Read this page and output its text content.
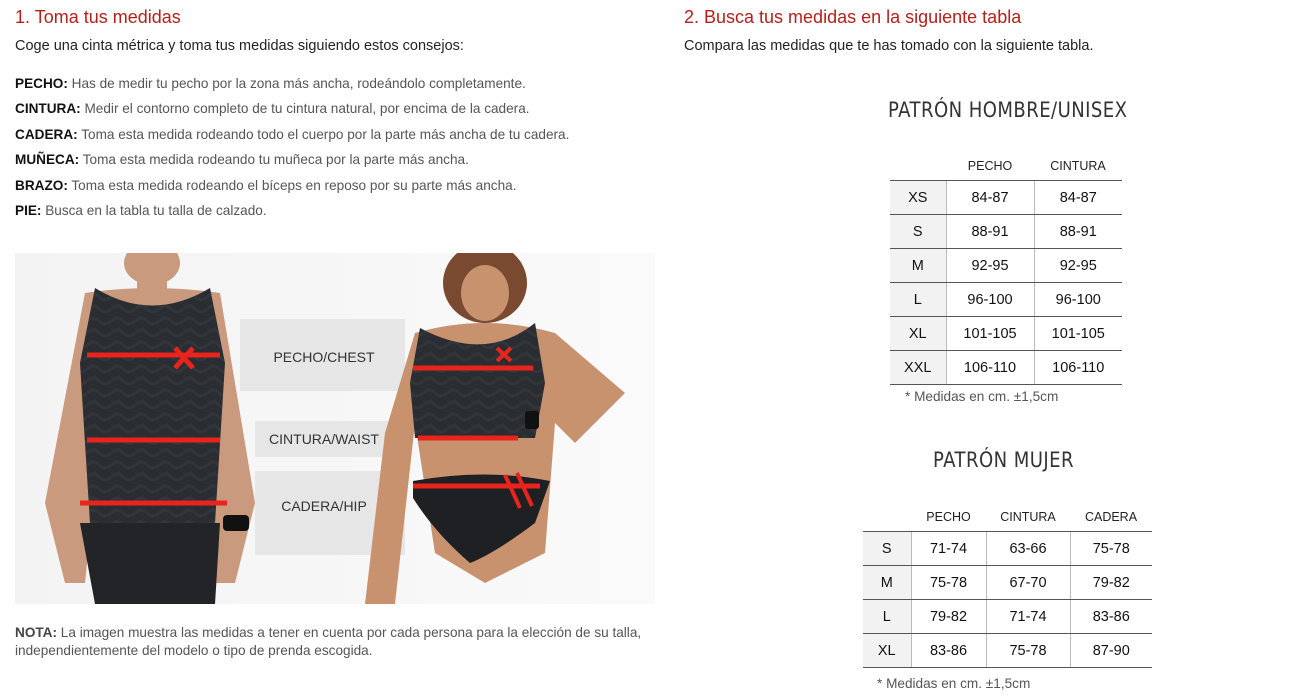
1. Toma tus medidas
Coge una cinta métrica y toma tus medidas siguiendo estos consejos:
PECHO: Has de medir tu pecho por la zona más ancha, rodeándolo completamente.
CINTURA: Medir el contorno completo de tu cintura natural, por encima de la cadera.
CADERA: Toma esta medida rodeando todo el cuerpo por la parte más ancha de tu cadera.
MUÑECA: Toma esta medida rodeando tu muñeca por la parte más ancha.
BRAZO: Toma esta medida rodeando el bíceps en reposo por su parte más ancha.
PIE: Busca en la tabla tu talla de calzado.
PECHO/CHEST
CINTURA/WAIST
CADERA/HIP
NOTA: La imagen muestra las medidas a tener en cuenta por cada persona para la elección de su talla, independientemente del modelo o tipo de prenda escogida.
2. Busca tus medidas en la siguiente tabla
Compara las medidas que te has tomado con la siguiente tabla.
PATRÓN HOMBRE/UNISEX
	PECHO	CINTURA
XS	84-87	84-87
S	88-91	88-91
M	92-95	92-95
L	96-100	96-100
XL	101-105	101-105
XXL	106-110	106-110
* Medidas en cm. ±1,5cm
PATRÓN MUJER
	PECHO	CINTURA	CADERA
S	71-74	63-66	75-78
M	75-78	67-70	79-82
L	79-82	71-74	83-86
XL	83-86	75-78	87-90
* Medidas en cm. ±1,5cm
